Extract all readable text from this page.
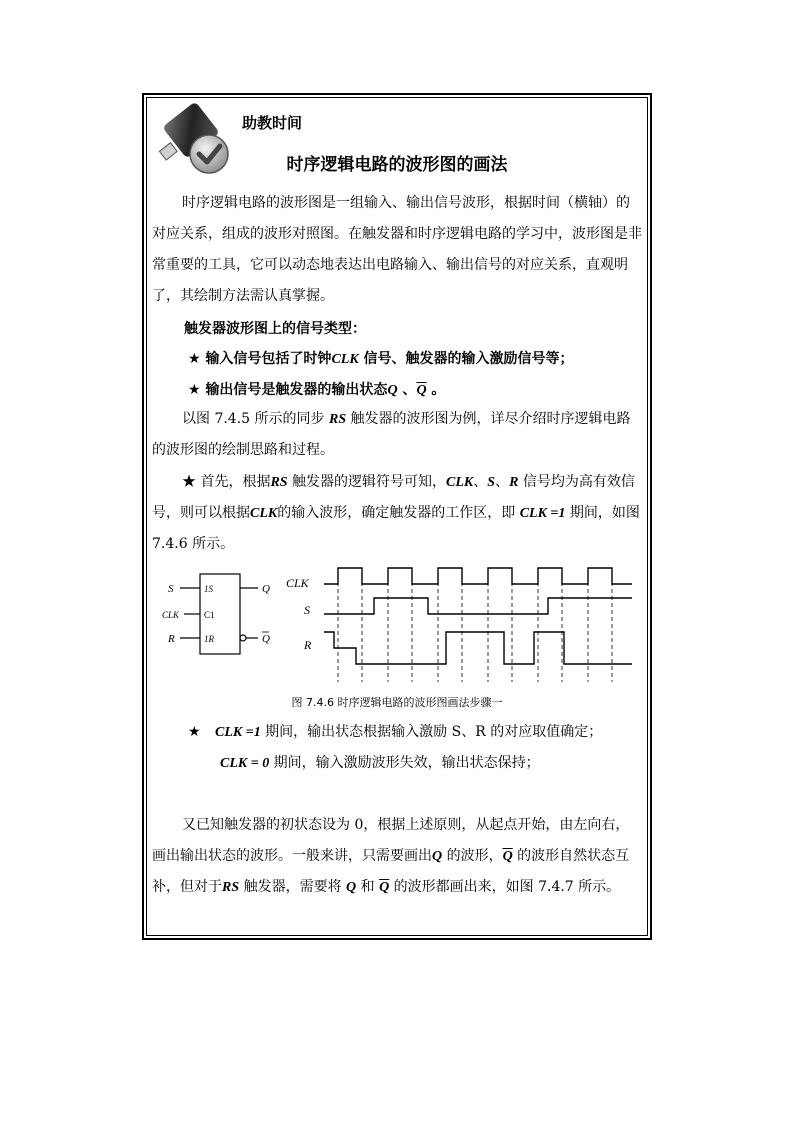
助教时间
时序逻辑电路的波形图的画法

时序逻辑电路的波形图是一组输入、输出信号波形，根据时间（横轴）的对应关系，组成的波形对照图。在触发器和时序逻辑电路的学习中，波形图是非常重要的工具，它可以动态地表达出电路输入、输出信号的对应关系，直观明了，其绘制方法需认真掌握。

触发器波形图上的信号类型：
★ 输入信号包括了时钟CLK 信号、触发器的输入激励信号等；
★ 输出信号是触发器的输出状态Q 、$\overline{Q}$ 。

以图 7.4.5 所示的同步 RS 触发器的波形图为例，详尽介绍时序逻辑电路的波形图的绘制思路和过程。

★ 首先，根据RS 触发器的逻辑符号可知，CLK、S、R 信号均为高有效信号，则可以根据CLK的输入波形，确定触发器的工作区，即 CLK =1 期间，如图 7.4.6 所示。

S
CLK
R
1S
C1
1R
Q
Q
CLK
S
R
图 7.4.6 时序逻辑电路的波形图画法步骤一
★ CLK =1 期间，输出状态根据输入激励 S、R 的对应取值确定；
CLK = 0 期间，输入激励波形失效，输出状态保持；

又已知触发器的初状态设为 0，根据上述原则，从起点开始，由左向右，画出输出状态的波形。一般来讲，只需要画出Q 的波形，$\overline{Q}$ 的波形自然状态互补，但对于RS 触发器，需要将 Q 和 $\overline{Q}$ 的波形都画出来，如图 7.4.7 所示。
